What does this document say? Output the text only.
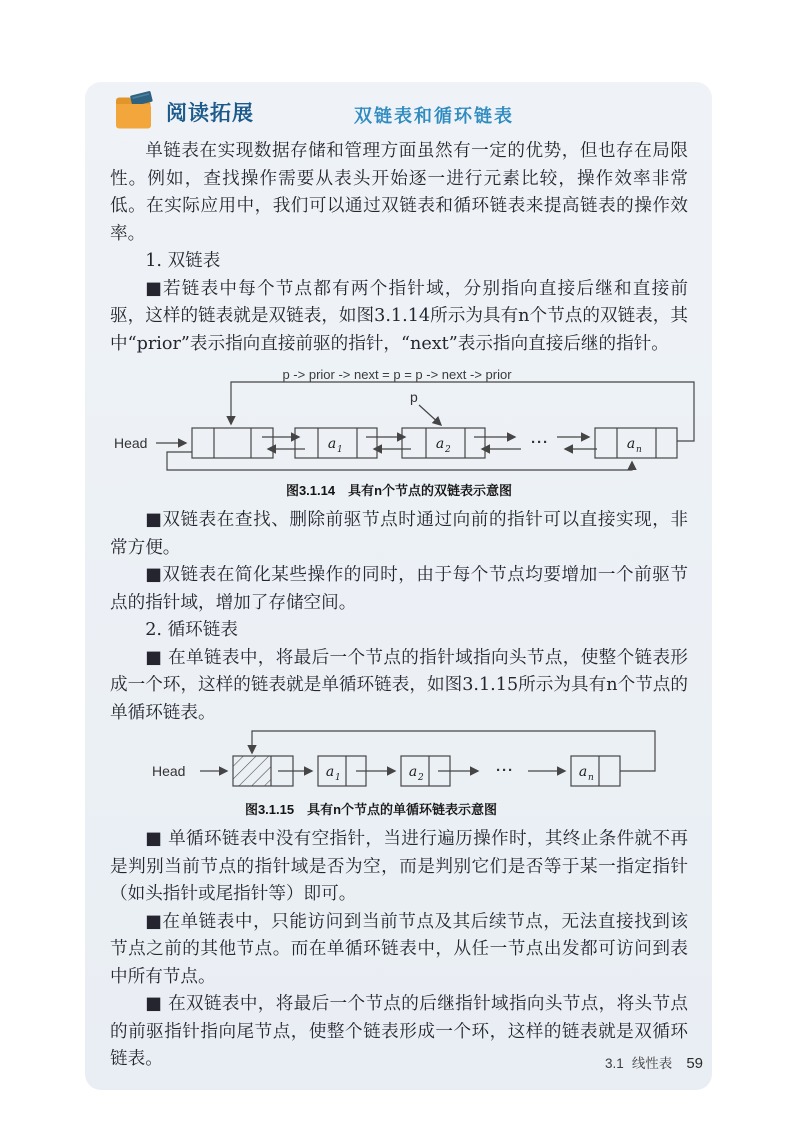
阅读拓展	双链表和循环链表

单链表在实现数据存储和管理方面虽然有一定的优势，但也存在局限性。例如，查找操作需要从表头开始逐一进行元素比较，操作效率非常低。在实际应用中，我们可以通过双链表和循环链表来提高链表的操作效率。

1. 双链表

■若链表中每个节点都有两个指针域，分别指向直接后继和直接前驱，这样的链表就是双链表，如图3.1.14所示为具有n个节点的双链表，其中“prior”表示指向直接前驱的指针，“next”表示指向直接后继的指针。

p -> prior -> next = p = p -> next -> prior
p
Head	a 1	a 2	···	a n
图3.1.14　具有n个节点的双链表示意图

■双链表在查找、删除前驱节点时通过向前的指针可以直接实现，非常方便。

■双链表在简化某些操作的同时，由于每个节点均要增加一个前驱节点的指针域，增加了存储空间。

2. 循环链表

■ 在单链表中，将最后一个节点的指针域指向头节点，使整个链表形成一个环，这样的链表就是单循环链表，如图3.1.15所示为具有n个节点的单循环链表。

Head	a 1	a 2	···	a n
图3.1.15　具有n个节点的单循环链表示意图

■ 单循环链表中没有空指针，当进行遍历操作时，其终止条件就不再是判别当前节点的指针域是否为空，而是判别它们是否等于某一指定指针（如头指针或尾指针等）即可。

■在单链表中，只能访问到当前节点及其后续节点，无法直接找到该节点之前的其他节点。而在单循环链表中，从任一节点出发都可访问到表中所有节点。

■ 在双链表中，将最后一个节点的后继指针域指向头节点，将头节点的前驱指针指向尾节点，使整个链表形成一个环，这样的链表就是双循环链表。	3.1 线性表 59
